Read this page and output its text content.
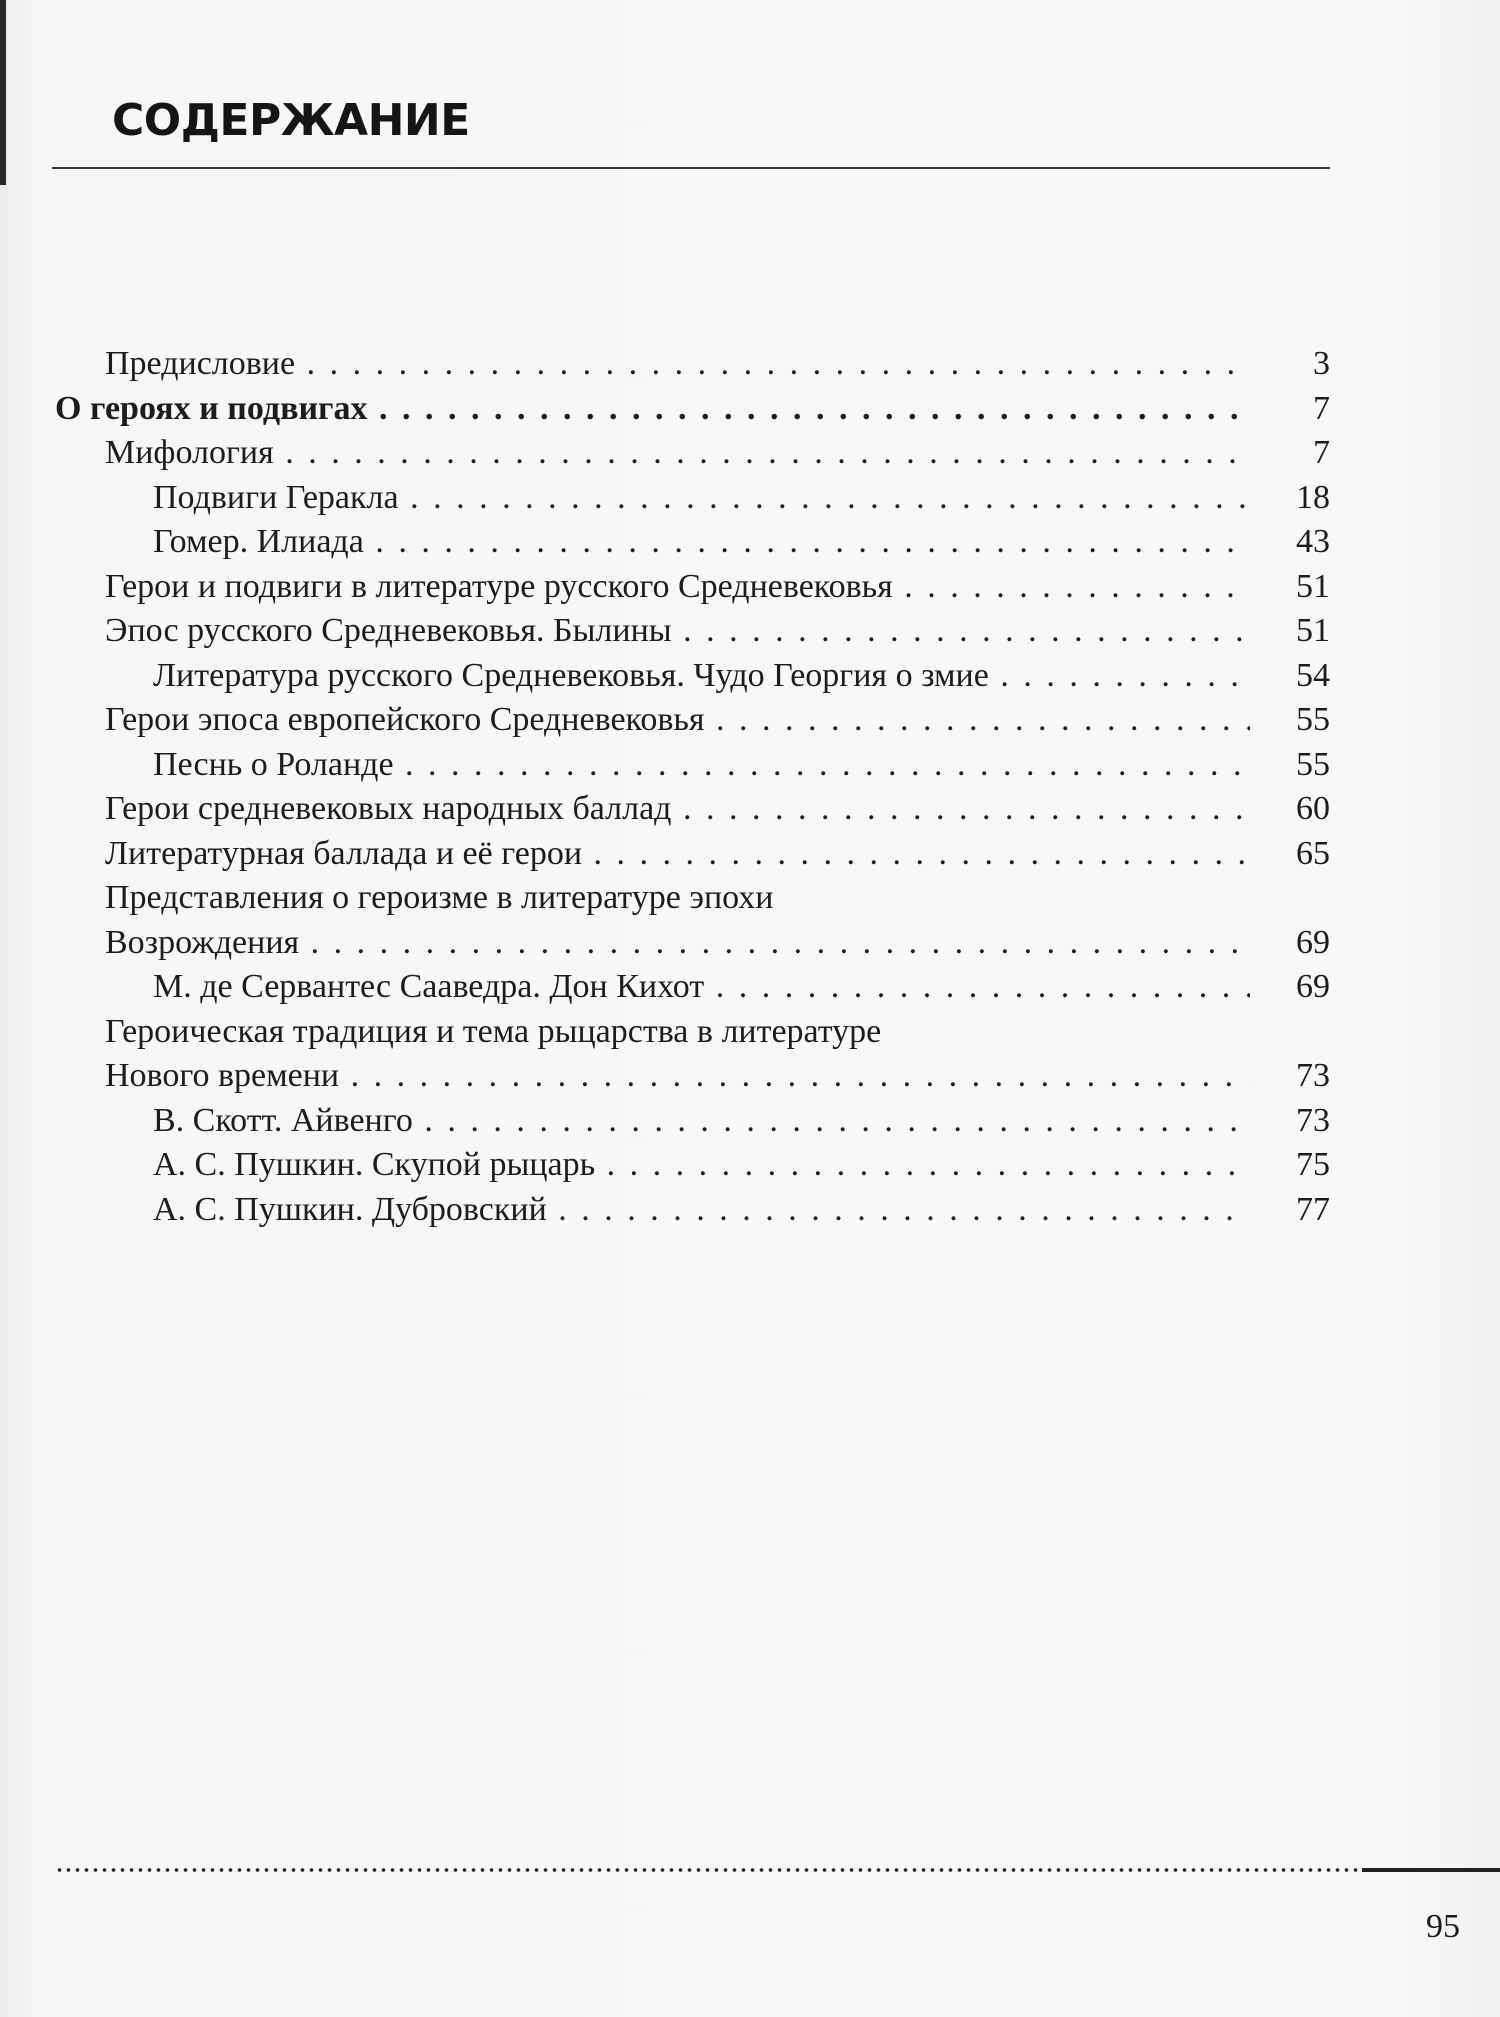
СОДЕРЖАНИЕ
Предисловие . . .	3
О героях и подвигах . . .	7
Мифология . . .	7
Подвиги Геракла . . .	18
Гомер. Илиада . . .	43
Герои и подвиги в литературе русского Средневековья . . .	51
Эпос русского Средневековья. Былины . . .	51
Литература русского Средневековья. Чудо Георгия о змие . . .	54
Герои эпоса европейского Средневековья . . .	55
Песнь о Роланде . . .	55
Герои средневековых народных баллад . . .	60
Литературная баллада и её герои . . .	65
Представления о героизме в литературе эпохи
Возрождения . . .	69
М. де Сервантес Сааведра. Дон Кихот . . .	69
Героическая традиция и тема рыцарства в литературе
Нового времени . . .	73
В. Скотт. Айвенго . . .	73
А. С. Пушкин. Скупой рыцарь . . .	75
А. С. Пушкин. Дубровский . . .	77
95
